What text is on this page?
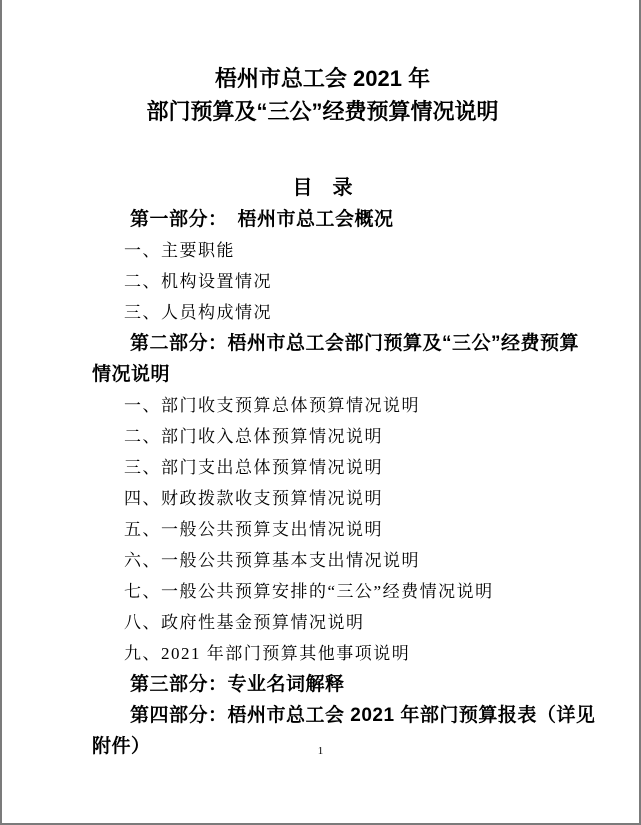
梧州市总工会 2021 年
部门预算及“三公”经费预算情况说明
目　录

第一部分：　梧州市总工会概况

一、主要职能

二、机构设置情况

三、人员构成情况

第二部分：梧州市总工会部门预算及“三公”经费预算

情况说明

一、部门收支预算总体预算情况说明

二、部门收入总体预算情况说明

三、部门支出总体预算情况说明

四、财政拨款收支预算情况说明

五、一般公共预算支出情况说明

六、一般公共预算基本支出情况说明

七、一般公共预算安排的“三公”经费情况说明

八、政府性基金预算情况说明

九、2021 年部门预算其他事项说明

第三部分：专业名词解释

第四部分：梧州市总工会 2021 年部门预算报表（详见

附件）	1
